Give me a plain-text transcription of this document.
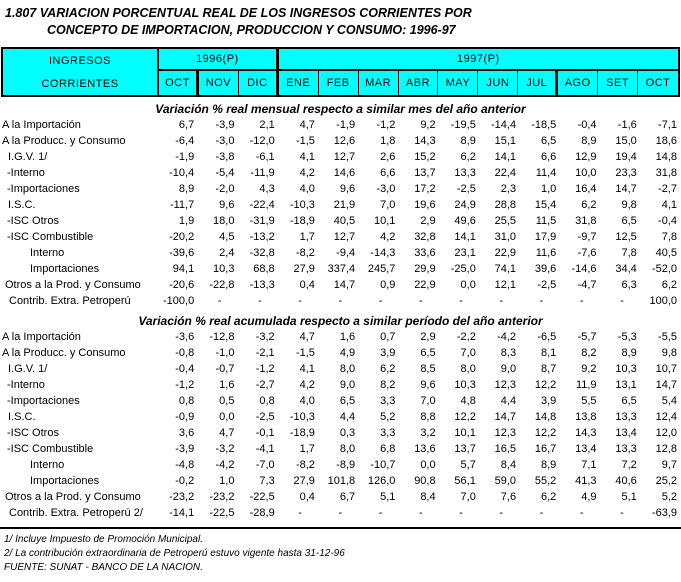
1.807 VARIACION PORCENTUAL REAL DE LOS INGRESOS CORRIENTES POR
CONCEPTO DE IMPORTACION, PRODUCCION Y CONSUMO: 1996-97
INGRESOS
CORRIENTES
1996(P)	1997(P)
OCT	NOV	DIC	ENE	FEB	MAR	ABR	MAY	JUN	JUL	AGO	SET	OCT
Variación % real mensual respecto a similar mes del año anterior
A la Importación	6,7	-3,9	2,1	4,7	-1,9	-1,2	9,2	-19,5	-14,4	-18,5	-0,4	-1,6	-7,1
A la Producc. y Consumo	-6,4	-3,0	-12,0	-1,5	12,6	1,8	14,3	8,9	15,1	6,5	8,9	15,0	18,6
I.G.V. 1/	-1,9	-3,8	-6,1	4,1	12,7	2,6	15,2	6,2	14,1	6,6	12,9	19,4	14,8
-Interno	-10,4	-5,4	-11,9	4,2	14,6	6,6	13,7	13,3	22,4	11,4	10,0	23,3	31,8
-Importaciones	8,9	-2,0	4,3	4,0	9,6	-3,0	17,2	-2,5	2,3	1,0	16,4	14,7	-2,7
I.S.C.	-11,7	9,6	-22,4	-10,3	21,9	7,0	19,6	24,9	28,8	15,4	6,2	9,8	4,1
-ISC Otros	1,9	18,0	-31,9	-18,9	40,5	10,1	2,9	49,6	25,5	11,5	31,8	6,5	-0,4
-ISC Combustible	-20,2	4,5	-13,2	1,7	12,7	4,2	32,8	14,1	31,0	17,9	-9,7	12,5	7,8
Interno	-39,6	2,4	-32,8	-8,2	-9,4	-14,3	33,6	23,1	22,9	11,6	-7,6	7,8	40,5
Importaciones	94,1	10,3	68,8	27,9	337,4	245,7	29,9	-25,0	74,1	39,6	-14,6	34,4	-52,0
Otros a la Prod. y Consumo	-20,6	-22,8	-13,3	0,4	14,7	0,9	22,9	0,0	12,1	-2,5	-4,7	6,3	6,2
Contrib. Extra. Petroperú	-100,0	-	-	-	-	-	-	-	-	-	-	-	100,0
Variación % real acumulada respecto a similar período del año anterior
A la Importación	-3,6	-12,8	-3,2	4,7	1,6	0,7	2,9	-2,2	-4,2	-6,5	-5,7	-5,3	-5,5
A la Producc. y Consumo	-0,8	-1,0	-2,1	-1,5	4,9	3,9	6,5	7,0	8,3	8,1	8,2	8,9	9,8
I.G.V. 1/	-0,4	-0,7	-1,2	4,1	8,0	6,2	8,5	8,0	9,0	8,7	9,2	10,3	10,7
-Interno	-1,2	1,6	-2,7	4,2	9,0	8,2	9,6	10,3	12,3	12,2	11,9	13,1	14,7
-Importaciones	0,8	0,5	0,8	4,0	6,5	3,3	7,0	4,8	4,4	3,9	5,5	6,5	5,4
I.S.C.	-0,9	0,0	-2,5	-10,3	4,4	5,2	8,8	12,2	14,7	14,8	13,8	13,3	12,4
-ISC Otros	3,6	4,7	-0,1	-18,9	0,3	3,3	3,2	10,1	12,3	12,2	14,3	13,4	12,0
-ISC Combustible	-3,9	-3,2	-4,1	1,7	8,0	6,8	13,6	13,7	16,5	16,7	13,4	13,3	12,8
Interno	-4,8	-4,2	-7,0	-8,2	-8,9	-10,7	0,0	5,7	8,4	8,9	7,1	7,2	9,7
Importaciones	-0,2	1,0	7,3	27,9	101,8	126,0	90,8	56,1	59,0	55,2	41,3	40,6	25,2
Otros a la Prod. y Consumo	-23,2	-23,2	-22,5	0,4	6,7	5,1	8,4	7,0	7,6	6,2	4,9	5,1	5,2
Contrib. Extra. Petroperú 2/	-14,1	-22,5	-28,9	-	-	-	-	-	-	-	-	-	-63,9
1/ Incluye Impuesto de Promoción Municipal.
2/ La contribución extraordinaria de Petroperú estuvo vigente hasta 31-12-96
FUENTE: SUNAT - BANCO DE LA NACION.
